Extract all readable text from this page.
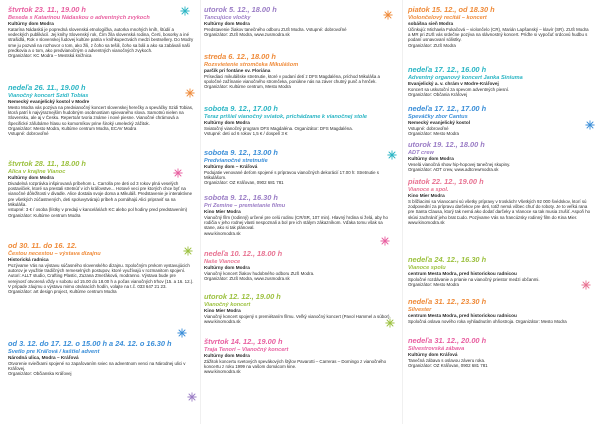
štvrtok 23. 11., 19.00 h
Beseda s Katarínou Nádaskou o adventných zvykoch
Kultúrny dom Modra
Katarína Nádaská je popredná slovenská etnologička, autorka mnohých kníh, štúdií a vedeckých publikácií. Jej knihy Slovenský rok, Čím žila slovenská rodina, Čerti, bosorky a iné strašidlá, Rok v slovenskej ľudovej kultúre patria v kníhkupectvách medzi bestsellery. Do Modry sme ju pozvali na rozhovor o tom, ako žili, z čoho sa tešili, čoho sa báli a ako sa zabávali naši predkovia a o tom, ako predvianočným o adventných vianočných zvykoch.
Organizátor: KC Modra – Mestská knižnica
nedeľa 26. 11., 19.00 h
Vianočný koncert Szidi Tobias
Nemecký evanjelický kostol v Modre
Mesto Modra vás pozýva na predvianočný koncert slovenskej herečky a speváčky Szidi Tobias, ktorá patrí k najvýraznejším hudobným osobnostiam spievaného slova. Samotnú nielen na Slovensku, ale aj v Česku. Repertoár tvoria známe i nové piesne. Vianočné chrámová a Špecifické záľubárne hlasu so komorníkov prine široký umelecký zážitok.
Organizátor: Mesto Modra, Kultúrne centrum Modra, ECAV Modra
Vstupné: dobrovoľné
štvrtok 28. 11., 18.00 h
Alica v krajine Vianoc
Kultúrny dom Modra
Divadelná rozprávka inšpirovaná príbehom L. Carrolla pre deti od 3 rokov plná veselých postavičiek, ktoré sa prestali stretnúť v ich kráľovstve... Hotové veci pre ktorých chce byť na vianočné dôležitosti v divadle. Alice dostala svoje doma a Mikuláš. Predstavenie je interaktívne pre všetkých zúčastnených, deti spoluvytvárajú príbeh a pomáhajú Alici pripraviť sa na Mikuláša.
vstupné: 3 € / osoba (lístky v predaji v kanceláriách KC alebo pol hodiny pred predstavením)
Organizátor: Kultúrne centrum Modra
od 30. 11. do 16. 12.
Čestou necestou – výstava dizajnu
Historická radnica
Pozývame Vás na výstavu súčasného slovenského dizajnu. Spoločným prvkom vystavujúcich autorov je využitie tradičných remeselných postupov, ktoré využívajú v rozmanitom spojení. Autori: ALLT studio, Crafting Plastic, Zuzana Zmeťáková, modranno. Výstava bude pre verejnosť otvorená vždy v sobotu od 15.00 do 18.00 h a počas vianočných trhov (15. a 16. 12.). V prípade záujmu o výstavu mimo otváracích hodín, volajte na t.č. 033 647 21 23.
Organizátor: art design project, Kultúrne centrum Modra
od 3. 12. do 17. 12. o 15.00 h a 24. 12. o 16.30 h
Svetlo pre Kráľová / kaštiel advent
Národná ulica, Modra – Kráľová
Otvorenie sviečkami spojené so zapaľovaním sviec na adventnom venci na Národnej ulici v Kráľovej.
Organizátor: Občianska Kráľovej
utorok 5. 12., 18.00 h
Tancujúce vločky
Kultúrny dom Modra
Predstavenie žiakov tanečného odboru ZUŠ Modra. Vstupné: dobrovoľné
Organizátor: ZUŠ Modra, www.zusmodra.sk
streda 6. 12., 18.00 h
Rozsvietenie stromčeka Mikulášom
parčík pri fontáne sv. Floriána
Prísediaci mikulášske stretnutie, ktoré v podaní detí z DFS Magdaléna, príchod Mikuláša a spoločné zažínanie vianočného stromčeka, ponúkne nás na záver chutný punč a hrnček.
Organizátor: Kultúrne centrum, Mesto Modra
sobota 9. 12., 17.00 h
Teraz prišiel vianočný sviatok, prichádzame k vianočnej stole
Kultúrny dom Modra
Sviatočný vianočný program DFS Magdaléna. Organizátor: DFS Magdaléna.
Vstupné: deti od 6 rokov 1,5 € / dospelí 3 €
sobota 9. 12., 13.00 h
Predvianočné stretnutie
Kultúrny dom – Kráľová
Podujatie venované deťom spojené s prípravou vianočných dekorácií 17.00 h: Stretnutie s Mikulášom.
Organizátor: OZ Kráľovan, 0902 681 781
sobota 9. 12., 16.30 h
Pri Zemine – premietanie filmu
Kino Mier Modra
Vianočný film (rodinný) určené pre celú rodinu (CR/SR, 107 min). Hlavný hrdina si želá, aby ho rodičia v jeho rodnej vlasti nespoznali a bol pre ich stálym zákazníkom. Vďaka tomu však sa stane, ako si tak plánoval.
www.kinomodra.sk
nedeľa 10. 12., 18.00 h
Naše Vianoce
Kultúrny dom Modra
Vianočný koncert žiakov hudobného odboru ZUŠ Modra.
Organizátor: ZUŠ Modra, www.zusmodra.sk
utorok 12. 12., 19.00 h
Vianočný koncert
Kino Mier Modra
Vianočný koncert spojený s premiétaním filmu. Veľký vianočný koncert (Pavol Hammel a súbor).
www.kinomodra.sk
štvrtok 14. 12., 19.00 h
Traja Tenori – Vianočný koncert
Kultúrny dom Modra
Zážitok koncertu svetových spevákových štýlov Pavarotti – Carreras – Domingo z vianočného koncertu z roku 1999 na vašom domácom kine.
www.kinomodra.sk
piatok 15. 12., od 18.30 h
Violončelový recitál – koncert
sobášna sieň Modra
Účinkujú: Michaela Fukačová – violončelo (CR), Marián Lapšanský – klavír (SR). ZUŠ Modra a MR pri ZUŠ vás srdečne pozýva na slávnostný koncert. Príďte si vypočuť srdcovú hudbu s podaní usnavovaní sólistky.
Organizátor: ZUŠ Modra
nedeľa 17. 12., 16.00 h
Adventný organový koncert Janka Siniuma
Evanjelický a. v. chrám v Modre-Kráľovej
Koncert sa uskutoční za spevom adventných piesní.
Organizátor: Občania Kráľovej
nedeľa 17. 12., 17.00 h
Speváčky zbor Cantus
Nemecký evanjelický kostol
Vstupné: dobrovoľné
Organizátor: Mesto Modra
utorok 19. 12., 18.00 h
ADT crew
Kultúrny dom Modra
Veselá vianočná show hip-hopovej tanečnej skupiny.
Organizátor: ADT crew, www.adtcrewmodra.sk
piatok 22. 12., 19.00 h
Vianoce a spol.
Kino Mier Modra
S blížiacimi sa Vianocami sú všetky prípravy v troskách! Všetkých 92 000 švédskov, ktorí sú zodpovední za prípravu darčekov pre deti, totiž nemá vôbec chuť do roboty. Je to veľká rana pre Santa Clausa, ktorý tak nemá ako dodať darčeky a Vianoce sa tak musia zrušiť. Aspoň ho skúsi zachrániť jeho brat Ľudo. Pozývame Vás na francúzsky rodinný film do Kina Mier.
www.kinomodra.sk
nedeľa 24. 12., 16.30 h
Vianoce spolu
centrum Mesta Modra, pred historickou radnicou
Spoločné rozdávanie a prianie na vianočný priestor medzi občanmi.
Organizátor: Mesto Modra
nedeľa 31. 12., 23.30 h
Silvester
centrum Mesta Modra, pred historickou radnicou
Spoločná oslava nového roka vyhliadnutím ohňostroja. Organizátor: Mesto Modra
nedeľa 31. 12., 20.00 h
Silvestrovská zábava
Kultúrny dom Kráľová
Tanečná zábava s oslavou záveru roka.
Organizátor: OZ Kráľovan, 0902 681 781
